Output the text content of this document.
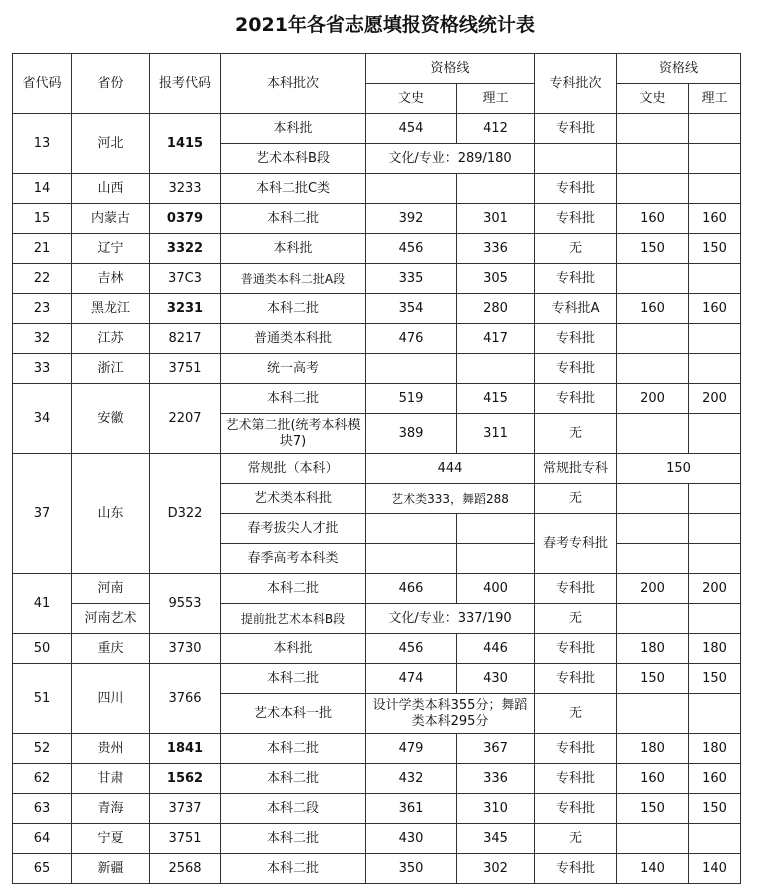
2021年各省志愿填报资格线统计表
省代码	省份	报考代码	本科批次	资格线		专科批次	资格线	
				文史	理工		文史	理工
13	河北	1415	本科批	454	412	专科批		
			艺术本科B段	文化/专业：289/180				
14	山西	3233	本科二批C类			专科批		
15	内蒙古	0379	本科二批	392	301	专科批	160	160
21	辽宁	3322	本科批	456	336	无	150	150
22	吉林	37C3	普通类本科二批A段	335	305	专科批		
23	黑龙江	3231	本科二批	354	280	专科批A	160	160
32	江苏	8217	普通类本科批	476	417	专科批		
33	浙江	3751	统一高考			专科批		
34	安徽	2207	本科二批	519	415	专科批	200	200
			艺术第二批(统考本科模块7)	389	311	无		
37	山东	D322	常规批（本科）	444		常规批专科	150	
			艺术类本科批	艺术类333，舞蹈288		无		
			春考拔尖人才批			春考专科批		
			春季高考本科类					
41	河南	9553	本科二批	466	400	专科批	200	200
	河南艺术		提前批艺术本科B段	文化/专业：337/190		无		
50	重庆	3730	本科批	456	446	专科批	180	180
51	四川	3766	本科二批	474	430	专科批	150	150
			艺术本科一批	设计学类本科355分；舞蹈类本科295分		无		
52	贵州	1841	本科二批	479	367	专科批	180	180
62	甘肃	1562	本科二批	432	336	专科批	160	160
63	青海	3737	本科二段	361	310	专科批	150	150
64	宁夏	3751	本科二批	430	345	无		
65	新疆	2568	本科二批	350	302	专科批	140	140
